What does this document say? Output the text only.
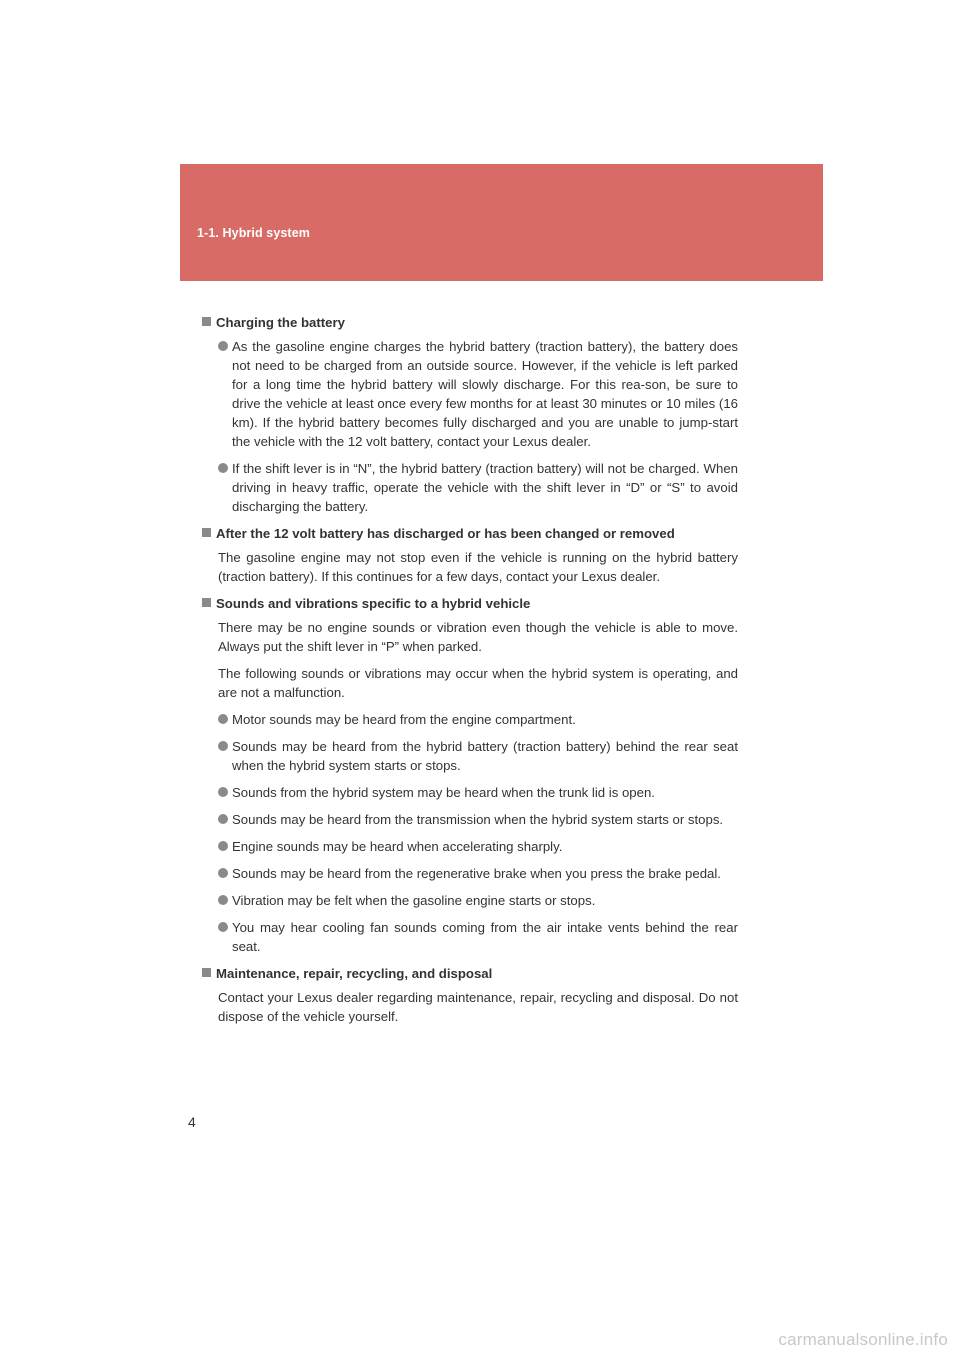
1-1. Hybrid system
Charging the battery
As the gasoline engine charges the hybrid battery (traction battery), the battery does not need to be charged from an outside source. However, if the vehicle is left parked for a long time the hybrid battery will slowly discharge. For this rea-son, be sure to drive the vehicle at least once every few months for at least 30 minutes or 10 miles (16 km). If the hybrid battery becomes fully discharged and you are unable to jump-start the vehicle with the 12 volt battery, contact your Lexus dealer.
If the shift lever is in “N”, the hybrid battery (traction battery) will not be charged. When driving in heavy traffic, operate the vehicle with the shift lever in “D” or “S” to avoid discharging the battery.
After the 12 volt battery has discharged or has been changed or removed
The gasoline engine may not stop even if the vehicle is running on the hybrid battery (traction battery). If this continues for a few days, contact your Lexus dealer.
Sounds and vibrations specific to a hybrid vehicle
There may be no engine sounds or vibration even though the vehicle is able to move. Always put the shift lever in “P” when parked.
The following sounds or vibrations may occur when the hybrid system is operating, and are not a malfunction.
Motor sounds may be heard from the engine compartment.
Sounds may be heard from the hybrid battery (traction battery) behind the rear seat when the hybrid system starts or stops.
Sounds from the hybrid system may be heard when the trunk lid is open.
Sounds may be heard from the transmission when the hybrid system starts or stops.
Engine sounds may be heard when accelerating sharply.
Sounds may be heard from the regenerative brake when you press the brake pedal.
Vibration may be felt when the gasoline engine starts or stops.
You may hear cooling fan sounds coming from the air intake vents behind the rear seat.
Maintenance, repair, recycling, and disposal
Contact your Lexus dealer regarding maintenance, repair, recycling and disposal. Do not dispose of the vehicle yourself.
4
carmanualsonline.info
